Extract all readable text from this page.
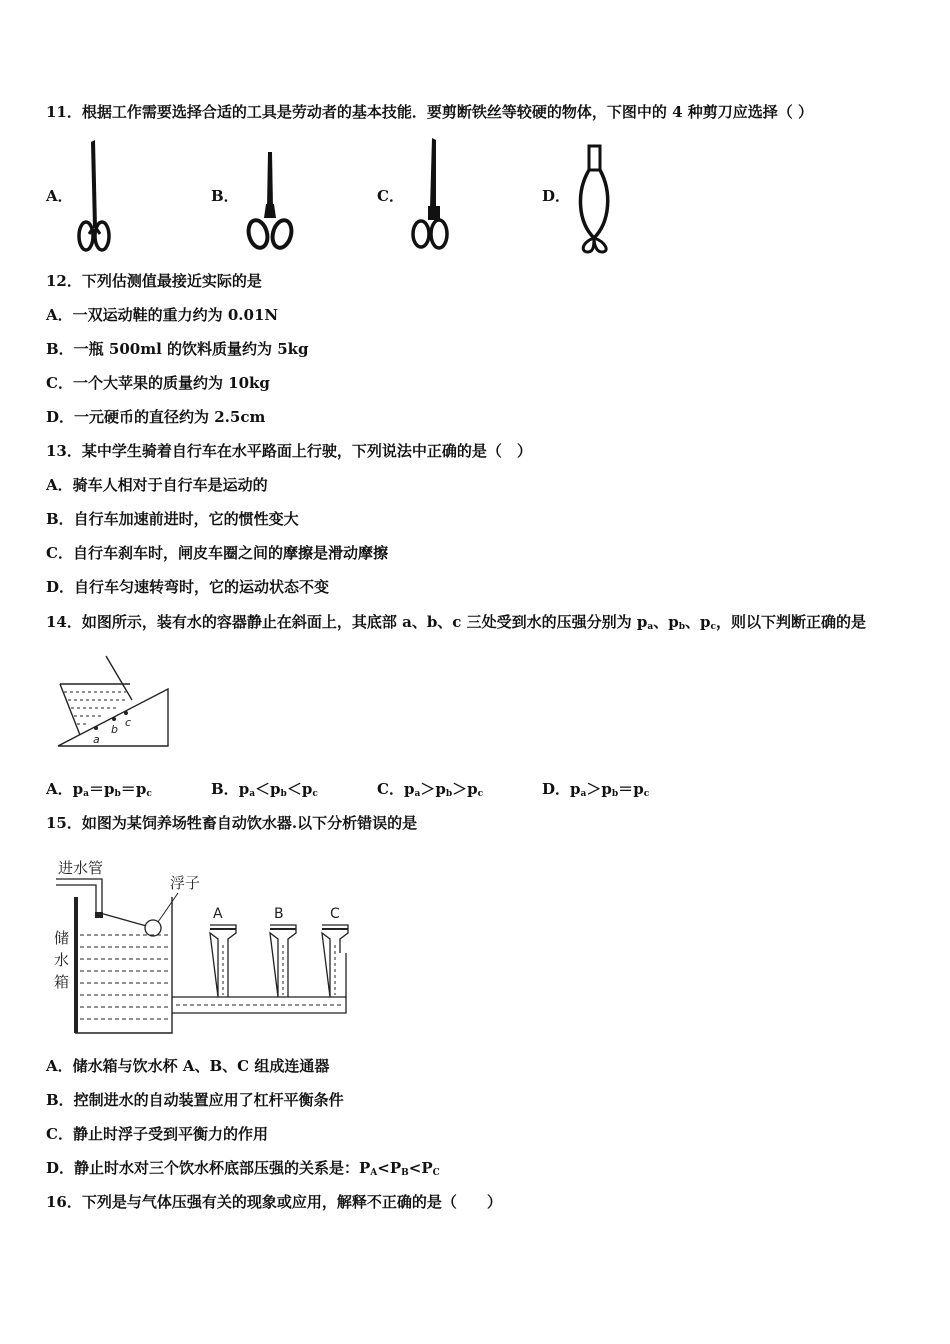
11．根据工作需要选择合适的工具是劳动者的基本技能．要剪断铁丝等较硬的物体，下图中的 4 种剪刀应选择（ ）
A．	B．	C．	D．
12．下列估测值最接近实际的是
A．一双运动鞋的重力约为 0.01N
B．一瓶 500ml 的饮料质量约为 5kg
C．一个大苹果的质量约为 10kg
D．一元硬币的直径约为 2.5cm
13．某中学生骑着自行车在水平路面上行驶，下列说法中正确的是（　）
A．骑车人相对于自行车是运动的
B．自行车加速前进时，它的惯性变大
C．自行车刹车时，闸皮车圈之间的摩擦是滑动摩擦
D．自行车匀速转弯时，它的运动状态不变
14．如图所示，装有水的容器静止在斜面上，其底部 a、b、c 三处受到水的压强分别为 $p_a$、$p_b$、$p_c$，则以下判断正确的是
a
b
c
A．$p_a=p_b=p_c$	B．$p_a<p_b<p_c$	C．$p_a>p_b>p_c$	D．$p_a>p_b=p_c$
15．如图为某饲养场牲畜自动饮水器.以下分析错误的是
进水管
浮子
储
水
箱
A	B	C
A．储水箱与饮水杯 A、B、C 组成连通器
B．控制进水的自动装置应用了杠杆平衡条件
C．静止时浮子受到平衡力的作用
D．静止时水对三个饮水杯底部压强的关系是：$P_A<P_B<P_C$
16．下列是与气体压强有关的现象或应用，解释不正确的是（　　）
